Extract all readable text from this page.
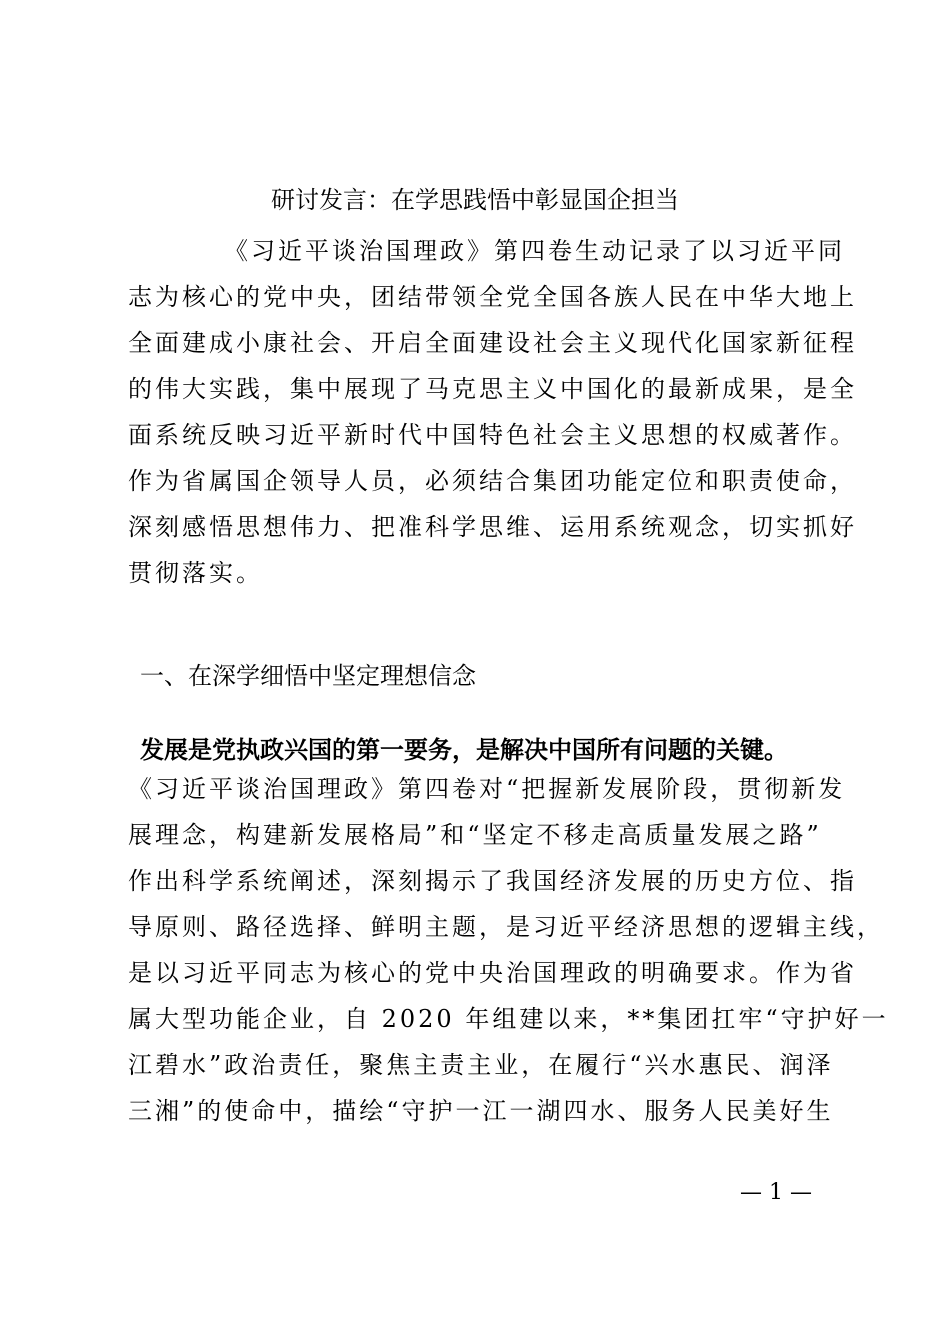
研讨发言：在学思践悟中彰显国企担当
《习近平谈治国理政》第四卷生动记录了以习近平同
志为核心的党中央，团结带领全党全国各族人民在中华大地上
全面建成小康社会、开启全面建设社会主义现代化国家新征程
的伟大实践，集中展现了马克思主义中国化的最新成果，是全
面系统反映习近平新时代中国特色社会主义思想的权威著作。
作为省属国企领导人员，必须结合集团功能定位和职责使命，
深刻感悟思想伟力、把准科学思维、运用系统观念，切实抓好
贯彻落实。
一、在深学细悟中坚定理想信念
发展是党执政兴国的第一要务，是解决中国所有问题的关键。
《习近平谈治国理政》第四卷对“把握新发展阶段，贯彻新发
展理念，构建新发展格局”和“坚定不移走高质量发展之路”
作出科学系统阐述，深刻揭示了我国经济发展的历史方位、指
导原则、路径选择、鲜明主题，是习近平经济思想的逻辑主线，
是以习近平同志为核心的党中央治国理政的明确要求。作为省
属大型功能企业，自 2020 年组建以来，**集团扛牢“守护好一
江碧水”政治责任，聚焦主责主业，在履行“兴水惠民、润泽
三湘”的使命中，描绘“守护一江一湖四水、服务人民美好生
— 1 —
